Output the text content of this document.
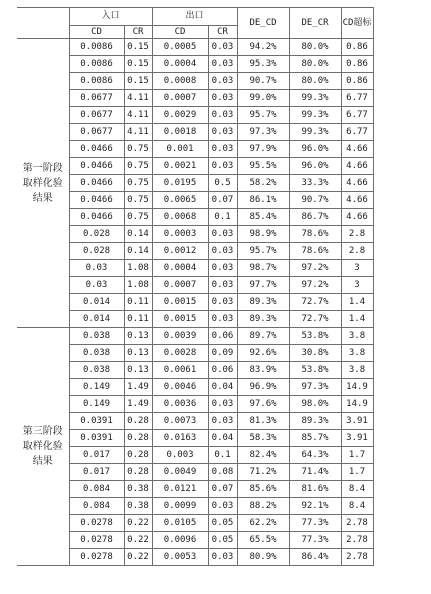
	入口		出口		DE_CD	DE_CR	CD超标
	CD	CR	CD	CR			
第一阶段取样化验结果	0.0086	0.15	0.0005	0.03	94.2%	80.0%	0.86
	0.0086	0.15	0.0004	0.03	95.3%	80.0%	0.86
	0.0086	0.15	0.0008	0.03	90.7%	80.0%	0.86
	0.0677	4.11	0.0007	0.03	99.0%	99.3%	6.77
	0.0677	4.11	0.0029	0.03	95.7%	99.3%	6.77
	0.0677	4.11	0.0018	0.03	97.3%	99.3%	6.77
	0.0466	0.75	0.001	0.03	97.9%	96.0%	4.66
	0.0466	0.75	0.0021	0.03	95.5%	96.0%	4.66
	0.0466	0.75	0.0195	0.5	58.2%	33.3%	4.66
	0.0466	0.75	0.0065	0.07	86.1%	90.7%	4.66
	0.0466	0.75	0.0068	0.1	85.4%	86.7%	4.66
	0.028	0.14	0.0003	0.03	98.9%	78.6%	2.8
	0.028	0.14	0.0012	0.03	95.7%	78.6%	2.8
	0.03	1.08	0.0004	0.03	98.7%	97.2%	3
	0.03	1.08	0.0007	0.03	97.7%	97.2%	3
	0.014	0.11	0.0015	0.03	89.3%	72.7%	1.4
	0.014	0.11	0.0015	0.03	89.3%	72.7%	1.4
第三阶段取样化验结果	0.038	0.13	0.0039	0.06	89.7%	53.8%	3.8
	0.038	0.13	0.0028	0.09	92.6%	30.8%	3.8
	0.038	0.13	0.0061	0.06	83.9%	53.8%	3.8
	0.149	1.49	0.0046	0.04	96.9%	97.3%	14.9
	0.149	1.49	0.0036	0.03	97.6%	98.0%	14.9
	0.0391	0.28	0.0073	0.03	81.3%	89.3%	3.91
	0.0391	0.28	0.0163	0.04	58.3%	85.7%	3.91
	0.017	0.28	0.003	0.1	82.4%	64.3%	1.7
	0.017	0.28	0.0049	0.08	71.2%	71.4%	1.7
	0.084	0.38	0.0121	0.07	85.6%	81.6%	8.4
	0.084	0.38	0.0099	0.03	88.2%	92.1%	8.4
	0.0278	0.22	0.0105	0.05	62.2%	77.3%	2.78
	0.0278	0.22	0.0096	0.05	65.5%	77.3%	2.78
	0.0278	0.22	0.0053	0.03	80.9%	86.4%	2.78
